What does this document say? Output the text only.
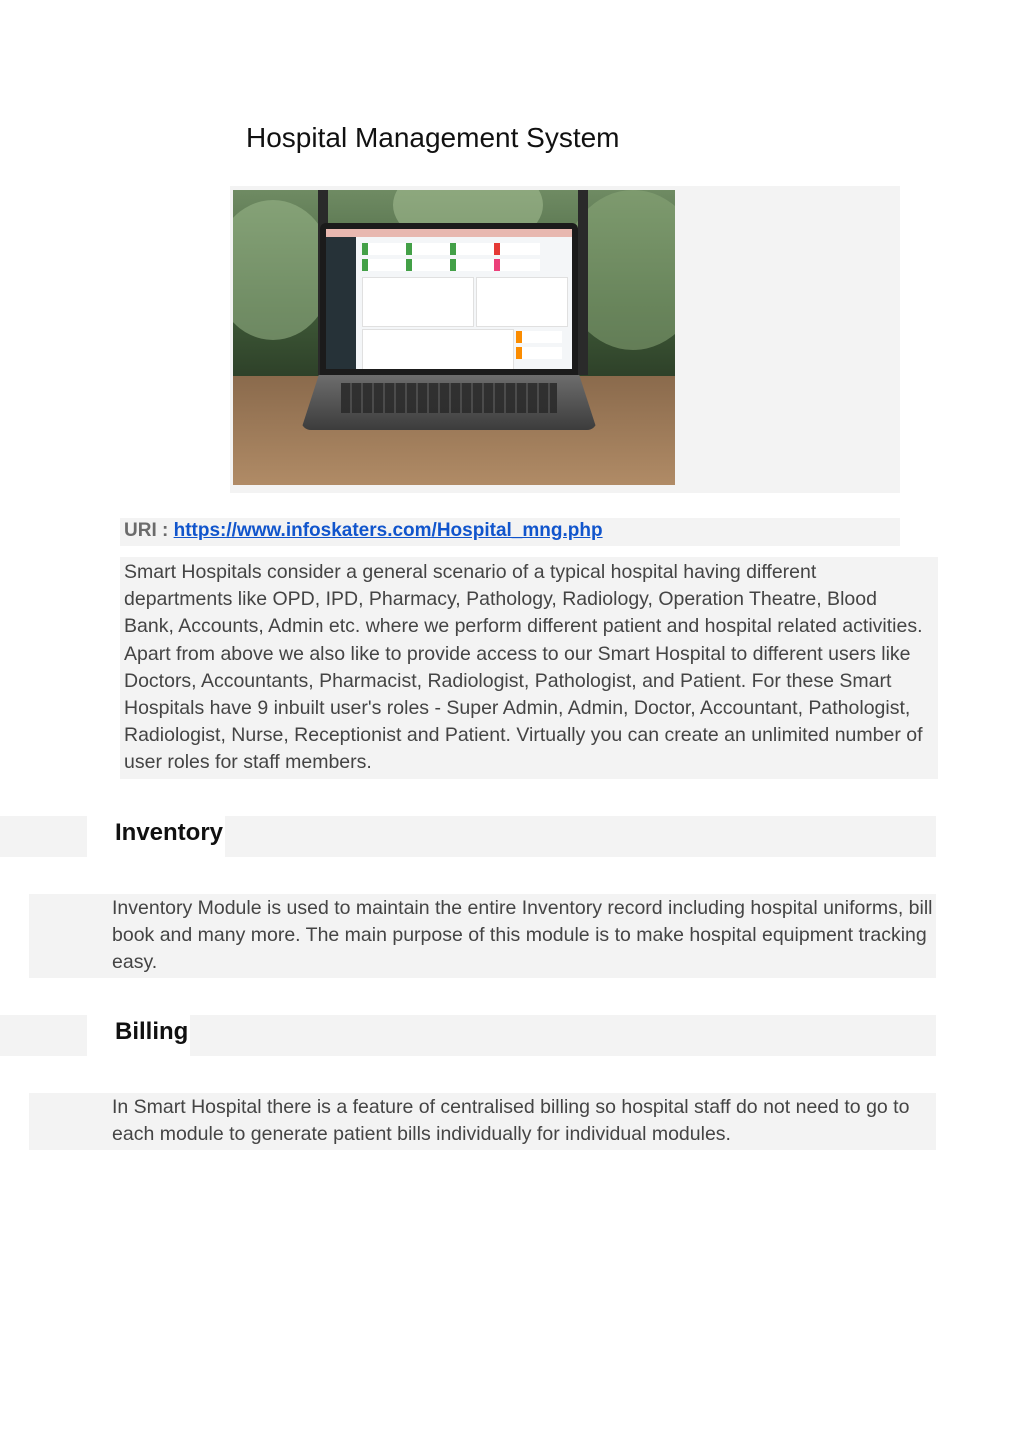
Hospital Management System
URI : https://www.infoskaters.com/Hospital_mng.php

Smart Hospitals consider a general scenario of a typical hospital having different departments like OPD, IPD, Pharmacy, Pathology, Radiology, Operation Theatre, Blood Bank, Accounts, Admin etc. where we perform different patient and hospital related activities. Apart from above we also like to provide access to our Smart Hospital to different users like Doctors, Accountants, Pharmacist, Radiologist, Pathologist, and Patient. For these Smart Hospitals have 9 inbuilt user's roles - Super Admin, Admin, Doctor, Accountant, Pathologist, Radiologist, Nurse, Receptionist and Patient. Virtually you can create an unlimited number of user roles for staff members.

Inventory

Inventory Module is used to maintain the entire Inventory record including hospital uniforms, bill book and many more. The main purpose of this module is to make hospital equipment tracking easy.

Billing

In Smart Hospital there is a feature of centralised billing so hospital staff do not need to go to each module to generate patient bills individually for individual modules.
